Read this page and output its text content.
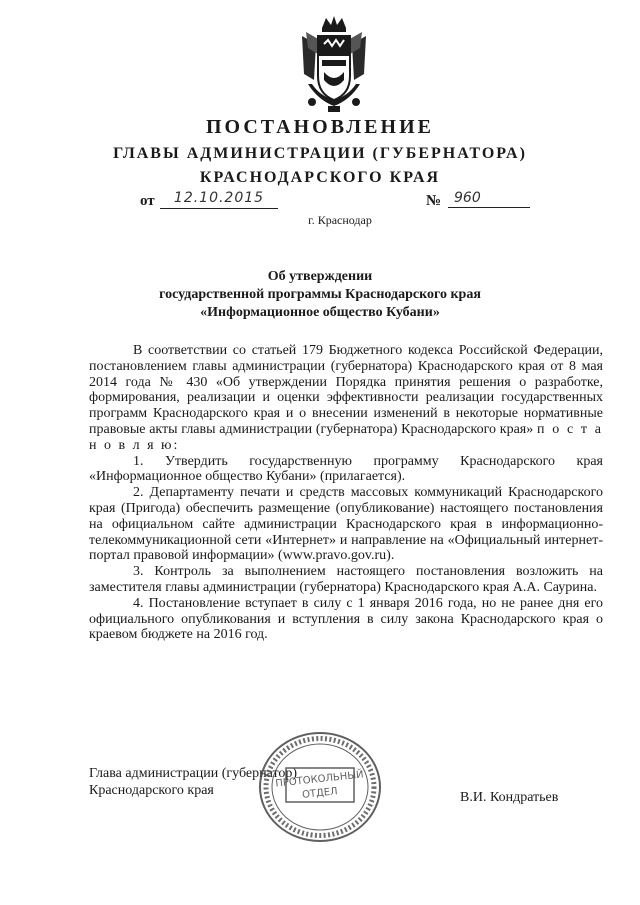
ПОСТАНОВЛЕНИЕ
ГЛАВЫ АДМИНИСТРАЦИИ (ГУБЕРНАТОРА)
КРАСНОДАРСКОГО КРАЯ
от	12.10.2015	№ 960
г. Краснодар
Об утверждении
государственной программы Краснодарского края
«Информационное общество Кубани»

В соответствии со статьей 179 Бюджетного кодекса Российской Федерации, постановлением главы администрации (губернатора) Краснодарского края от 8 мая 2014 года № 430 «Об утверждении Порядка принятия решения о разработке, формирования, реализации и оценки эффективности реализации государственных программ Краснодарского края и о внесении изменений в некоторые нормативные правовые акты главы администрации (губернатора) Краснодарского края» п о с т а н о в л я ю:

1. Утвердить государственную программу Краснодарского края «Информационное общество Кубани» (прилагается).

2. Департаменту печати и средств массовых коммуникаций Краснодарского края (Пригода) обеспечить размещение (опубликование) настоящего постановления на официальном сайте администрации Краснодарского края в информационно-телекоммуникационной сети «Интернет» и направление на «Официальный интернет-портал правовой информации» (www.pravo.gov.ru).

3. Контроль за выполнением настоящего постановления возложить на заместителя главы администрации (губернатора) Краснодарского края А.А. Саурина.

4. Постановление вступает в силу с 1 января 2016 года, но не ранее дня его официального опубликования и вступления в силу закона Краснодарского края о краевом бюджете на 2016 год.

Глава администрации (губернатор)
Краснодарского края	В.И. Кондратьев
ПРОТОКОЛЬНЫЙ
ОТДЕЛ
